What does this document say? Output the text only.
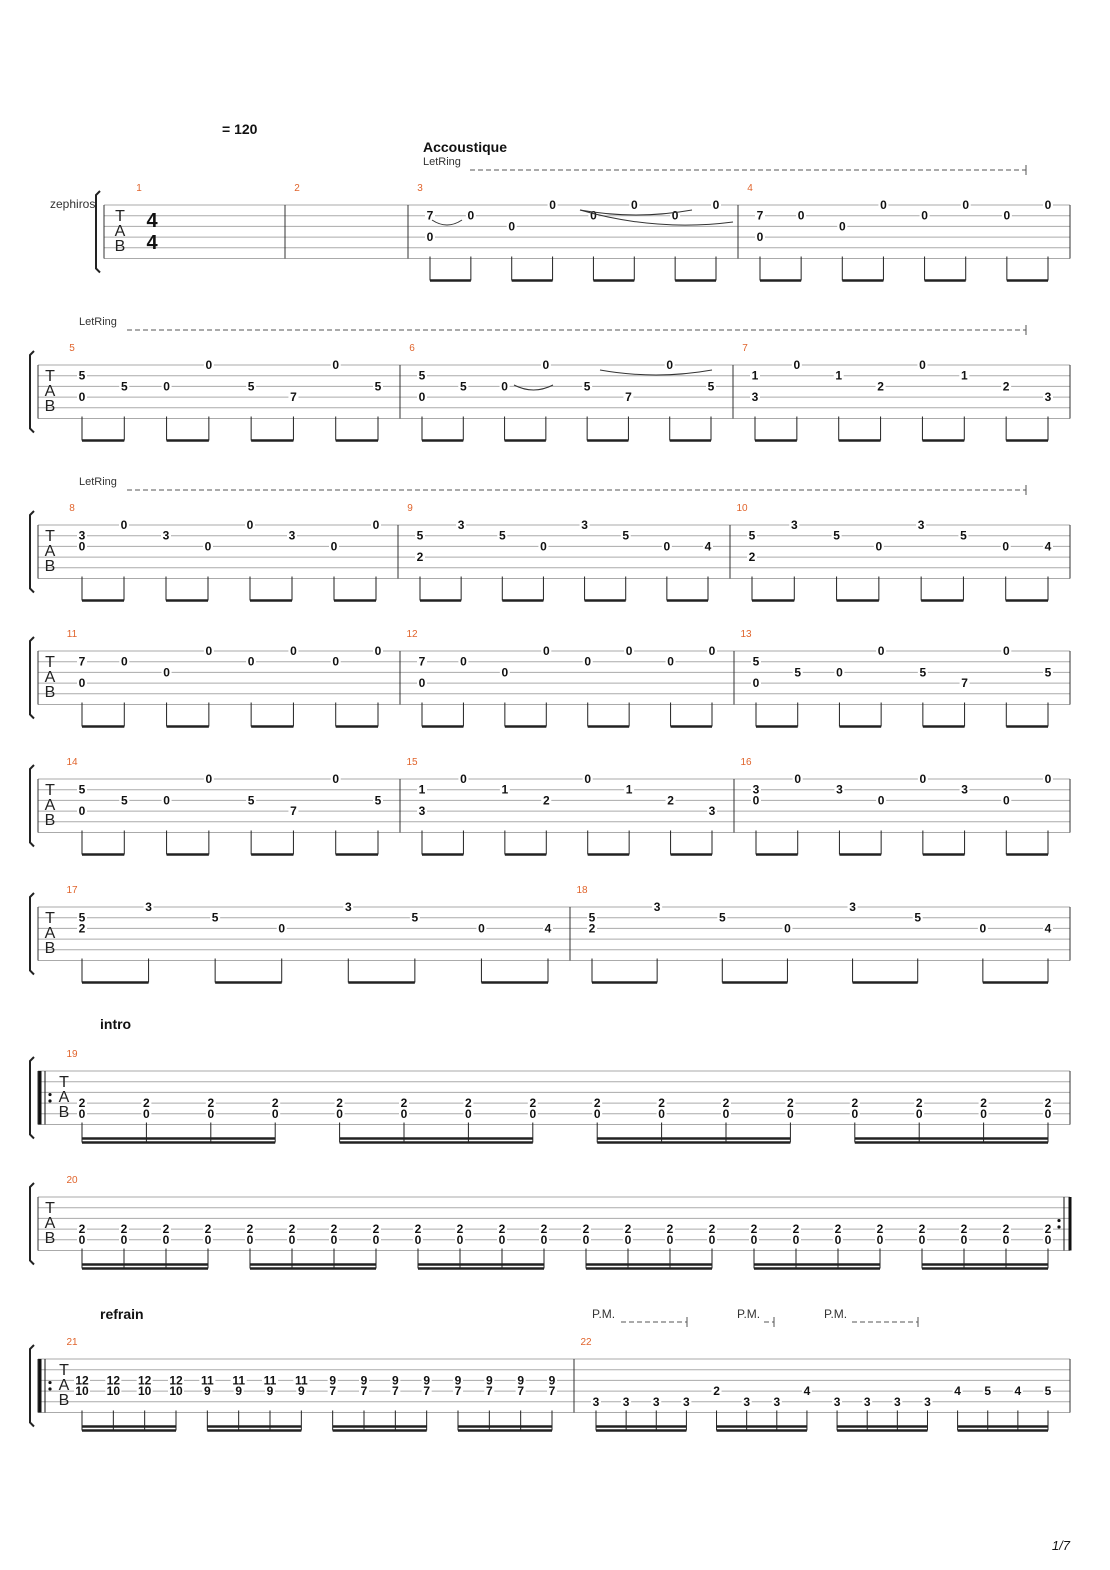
T
A
B
4
4
1	2	3
7
0
0
0
0
0
0
0
0
4
7
0
0
0
0
0
0
0
0
T
A
B
5
5
0
5	0
0
5
7
0
5
6
5
0
5	0
0
5
7
0
5
7
1
3
0
1
2
0
1
2
3
T
A
B
8
3
0
0
3
0
0
3
0
0
9
5
2
3
5
0
3
5
0	4
10
5
2
3
5
0
3
5
0	4
T
A
B
11
7
0
0
0
0
0
0
0
0
12
7
0
0
0
0
0
0
0
0
13
5
0
5	0
0
5
7
0
5
T
A
B
14
5
0
5	0
0
5
7
0
5
15
1
3
0
1
2
0
1
2
3
16
3
0
0
3
0
0
3
0
0
T
A
B
17
5
2
3
5
0
3
5
0	4
18
5
2
3
5
0
3
5
0	4
T
A
B
19
2
0
2
0
2
0
2
0
2
0
2
0
2
0
2
0
2
0
2
0
2
0
2
0
2
0
2
0
2
0
2
0
T
A
B
20
2
0
2
0
2
0
2
0
2
0
2
0
2
0
2
0
2
0
2
0
2
0
2
0
2
0
2
0
2
0
2
0
2
0
2
0
2
0
2
0
2
0
2
0
2
0
2
0
T
A
B
21
12
10
12
10
12
10
12
10
11
9
11
9
11
9
11
9
9
7
9
7
9
7
9
7
9
7
9
7
9
7
9
7
22
3 3 3 3
2
3 3
4
3 3 3 3
4 5 4 5
= 120
zephiros
Accoustique
intro
refrain
LetRing
LetRing
LetRing
P.M.	P.M.	P.M.
1/7
